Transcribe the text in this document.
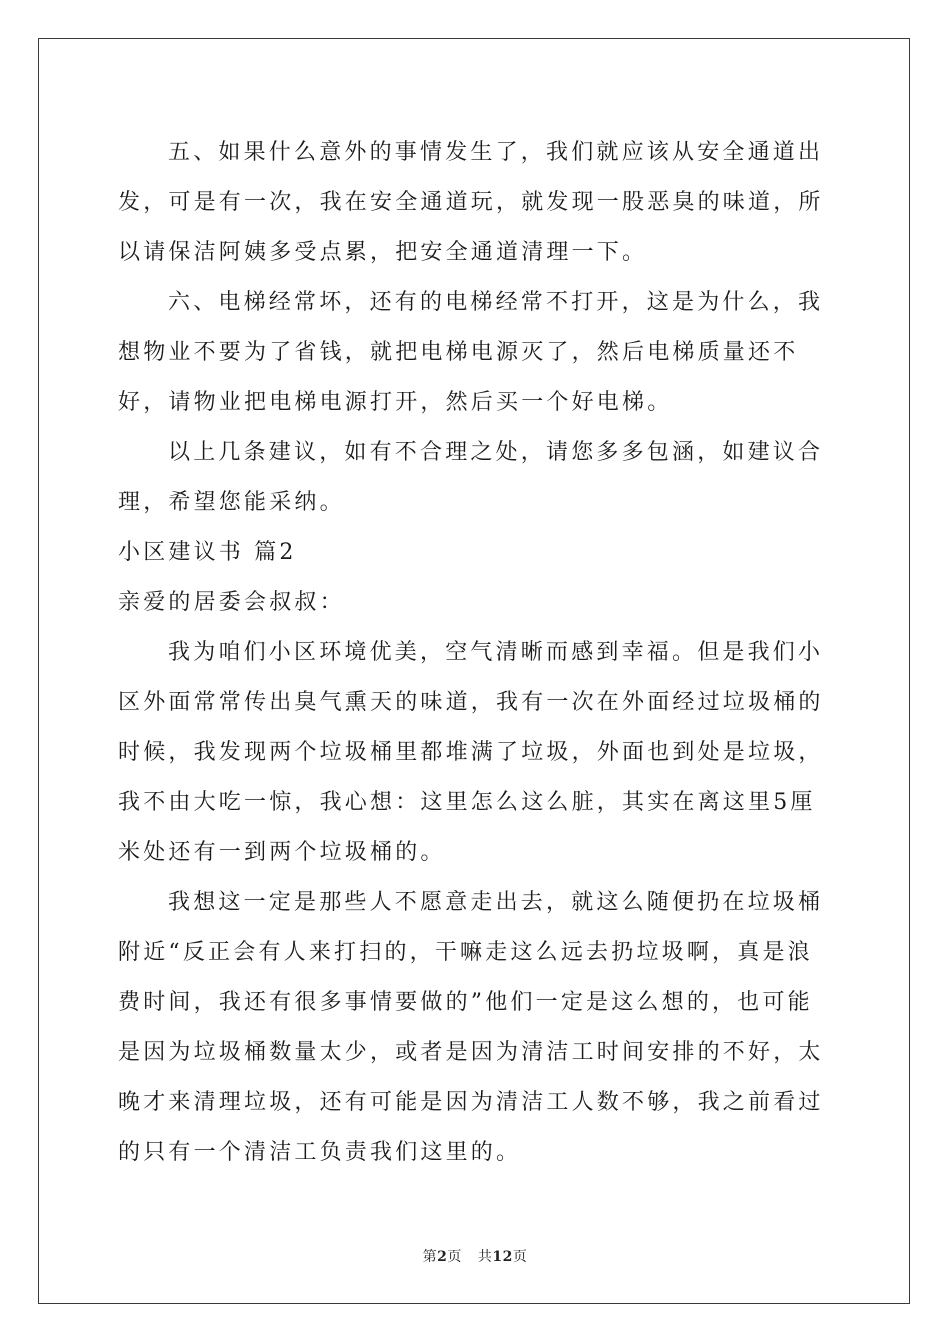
五、如果什么意外的事情发生了，我们就应该从安全通道出发，可是有一次，我在安全通道玩，就发现一股恶臭的味道，所以请保洁阿姨多受点累，把安全通道清理一下。

六、电梯经常坏，还有的电梯经常不打开，这是为什么，我想物业不要为了省钱，就把电梯电源灭了，然后电梯质量还不好，请物业把电梯电源打开，然后买一个好电梯。

以上几条建议，如有不合理之处，请您多多包涵，如建议合理，希望您能采纳。

小区建议书 篇2

亲爱的居委会叔叔：

我为咱们小区环境优美，空气清晰而感到幸福。但是我们小区外面常常传出臭气熏天的味道，我有一次在外面经过垃圾桶的时候，我发现两个垃圾桶里都堆满了垃圾，外面也到处是垃圾，我不由大吃一惊，我心想：这里怎么这么脏，其实在离这里5厘米处还有一到两个垃圾桶的。

我想这一定是那些人不愿意走出去，就这么随便扔在垃圾桶附近“反正会有人来打扫的，干嘛走这么远去扔垃圾啊，真是浪费时间，我还有很多事情要做的”他们一定是这么想的，也可能是因为垃圾桶数量太少，或者是因为清洁工时间安排的不好，太晚才来清理垃圾，还有可能是因为清洁工人数不够，我之前看过的只有一个清洁工负责我们这里的。

第2页 共12页
